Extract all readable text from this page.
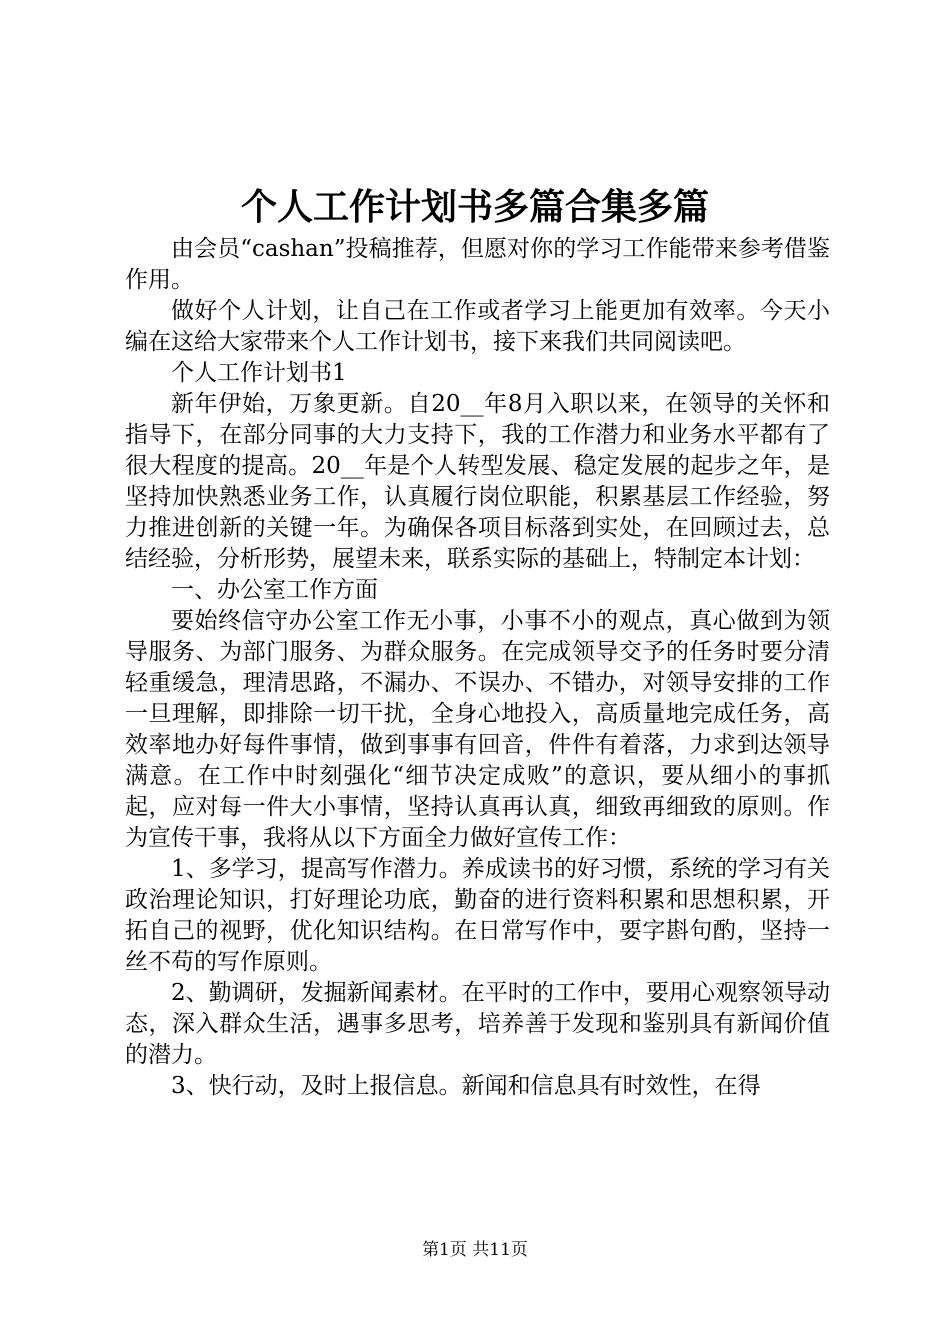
个人工作计划书多篇合集多篇

由会员“cashan”投稿推荐，但愿对你的学习工作能带来参考借鉴作用。

做好个人计划，让自己在工作或者学习上能更加有效率。今天小编在这给大家带来个人工作计划书，接下来我们共同阅读吧。

个人工作计划书1

新年伊始，万象更新。自20__年8月入职以来，在领导的关怀和指导下，在部分同事的大力支持下，我的工作潜力和业务水平都有了很大程度的提高。20__年是个人转型发展、稳定发展的起步之年，是坚持加快熟悉业务工作，认真履行岗位职能，积累基层工作经验，努力推进创新的关键一年。为确保各项目标落到实处，在回顾过去，总结经验，分析形势，展望未来，联系实际的基础上，特制定本计划：

一、办公室工作方面

要始终信守办公室工作无小事，小事不小的观点，真心做到为领导服务、为部门服务、为群众服务。在完成领导交予的任务时要分清轻重缓急，理清思路，不漏办、不误办、不错办，对领导安排的工作一旦理解，即排除一切干扰，全身心地投入，高质量地完成任务，高效率地办好每件事情，做到事事有回音，件件有着落，力求到达领导满意。在工作中时刻强化“细节决定成败”的意识，要从细小的事抓起，应对每一件大小事情，坚持认真再认真，细致再细致的原则。作为宣传干事，我将从以下方面全力做好宣传工作：

1、多学习，提高写作潜力。养成读书的好习惯，系统的学习有关政治理论知识，打好理论功底，勤奋的进行资料积累和思想积累，开拓自己的视野，优化知识结构。在日常写作中，要字斟句酌，坚持一丝不苟的写作原则。

2、勤调研，发掘新闻素材。在平时的工作中，要用心观察领导动态，深入群众生活，遇事多思考，培养善于发现和鉴别具有新闻价值的潜力。

3、快行动，及时上报信息。新闻和信息具有时效性，在得

第1页 共11页
